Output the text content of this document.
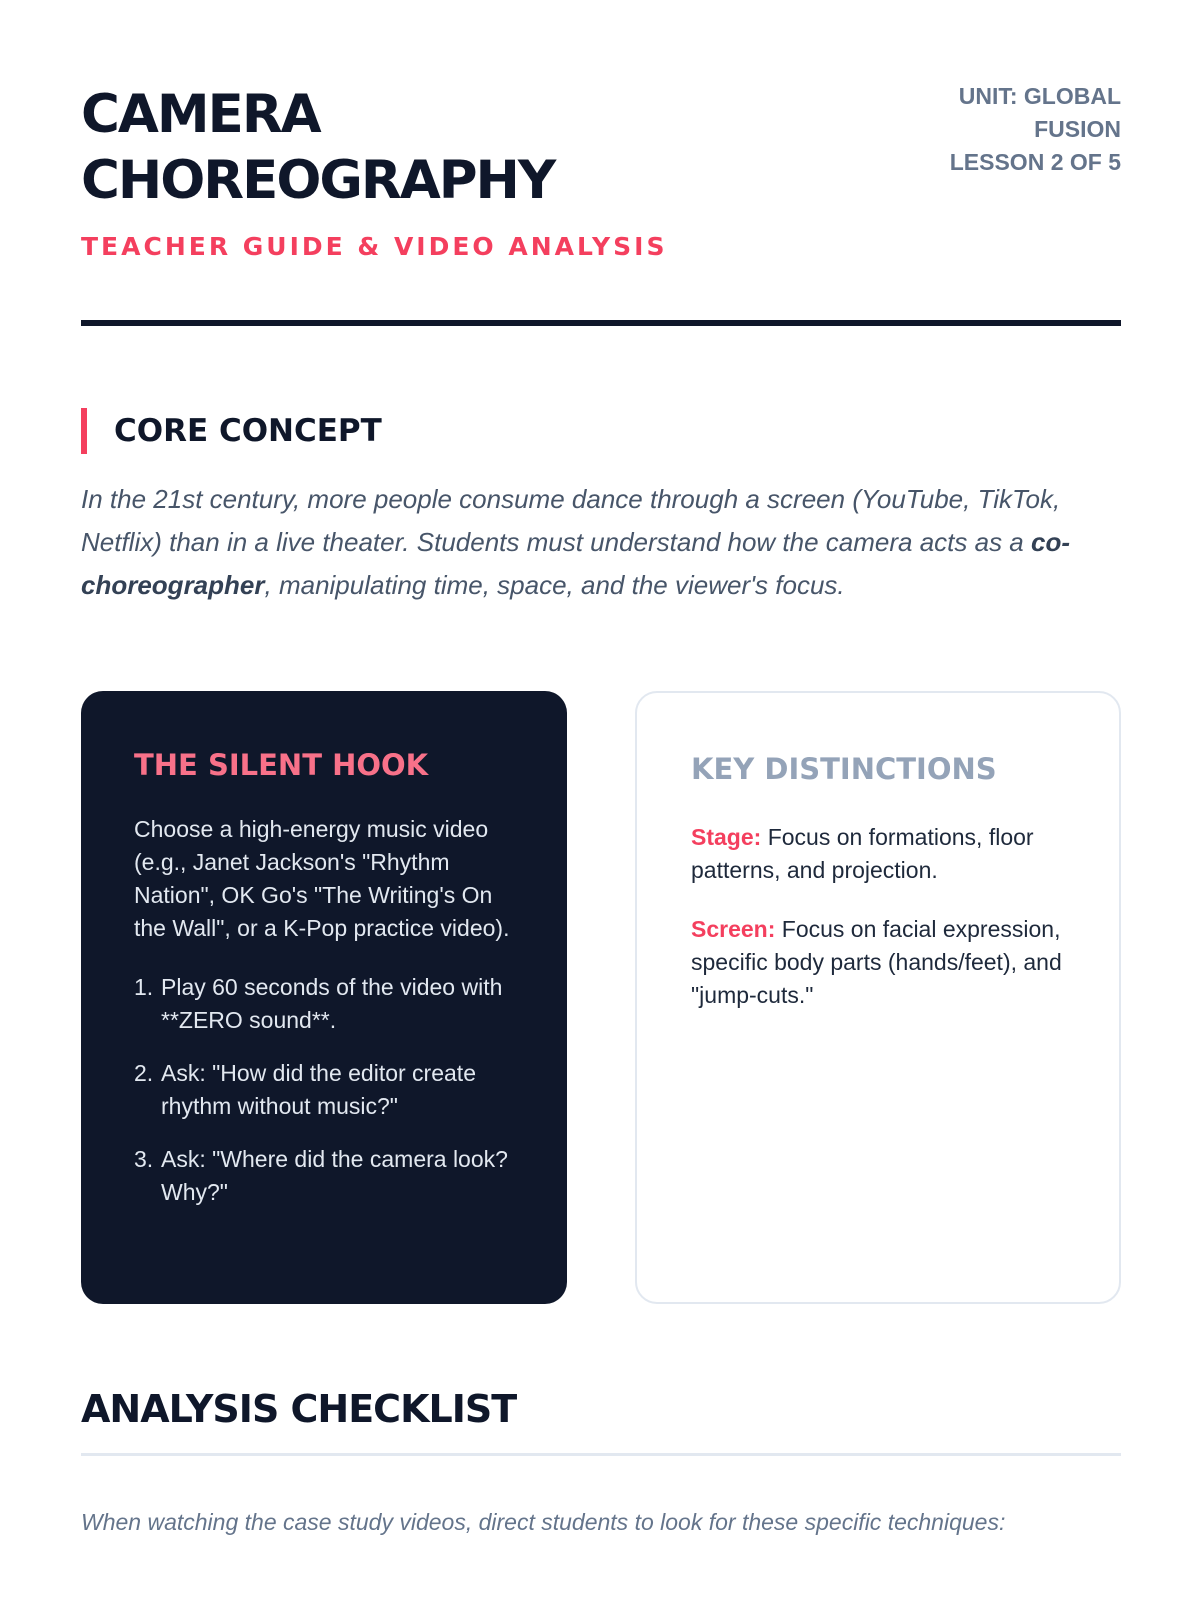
CAMERA
CHOREOGRAPHY
TEACHER GUIDE & VIDEO ANALYSIS
UNIT: GLOBAL
FUSION
LESSON 2 OF 5
CORE CONCEPT

In the 21st century, more people consume dance through a screen (YouTube, TikTok, Netflix) than in a live theater. Students must understand how the camera acts as a co-choreographer, manipulating time, space, and the viewer's focus.

THE SILENT HOOK

Choose a high-energy music video (e.g., Janet Jackson's "Rhythm Nation", OK Go's "The Writing's On the Wall", or a K-Pop practice video).

1. Play 60 seconds of the video with **ZERO sound**.
2. Ask: "How did the editor create rhythm without music?"
3. Ask: "Where did the camera look? Why?"
KEY DISTINCTIONS

Stage: Focus on formations, floor patterns, and projection.

Screen: Focus on facial expression, specific body parts (hands/feet), and "jump-cuts."

ANALYSIS CHECKLIST

When watching the case study videos, direct students to look for these specific techniques:
